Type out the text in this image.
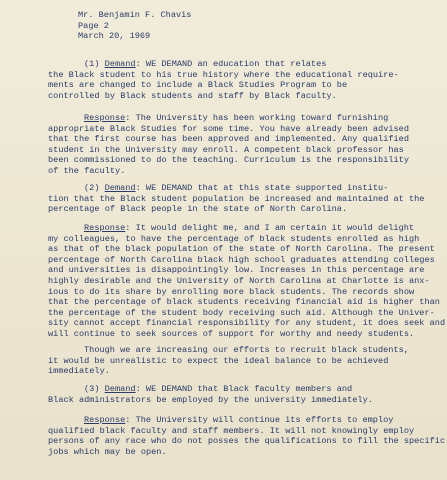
Mr. Benjamin F. Chavis
Page 2
March 20, 1969
(1) Demand: WE DEMAND an education that relates
the Black student to his true history where the educational require-
ments are changed to include a Black Studies Program to be
controlled by Black students and staff by Black faculty.
Response: The University has been working toward furnishing
appropriate Black Studies for some time. You have already been advised
that the first course has been approved and implemented. Any qualified
student in the University may enroll. A competent black professor has
been commissioned to do the teaching. Curriculum is the responsibility
of the faculty.
(2) Demand: WE DEMAND that at this state supported institu-
tion that the Black student population be increased and maintained at the
percentage of Black people in the state of North Carolina.
Response: It would delight me, and I am certain it would delight
my colleagues, to have the percentage of black students enrolled as high
as that of the black population of the state of North Carolina. The present
percentage of North Carolina black high school graduates attending colleges
and universities is disappointingly low. Increases in this percentage are
highly desirable and the University of North Carolina at Charlotte is anx-
ious to do its share by enrolling more black students. The records show
that the percentage of black students receiving financial aid is higher than
the percentage of the student body receiving such aid. Although the Univer-
sity cannot accept financial responsibility for any student, it does seek and
will continue to seek sources of support for worthy and needy students.
Though we are increasing our efforts to recruit black students,
it would be unrealistic to expect the ideal balance to be achieved
immediately.
(3) Demand: WE DEMAND that Black faculty members and
Black administrators be employed by the university immediately.
Response: The University will continue its efforts to employ
qualified black faculty and staff members. It will not knowingly employ
persons of any race who do not posses the qualifications to fill the specific
jobs which may be open.
